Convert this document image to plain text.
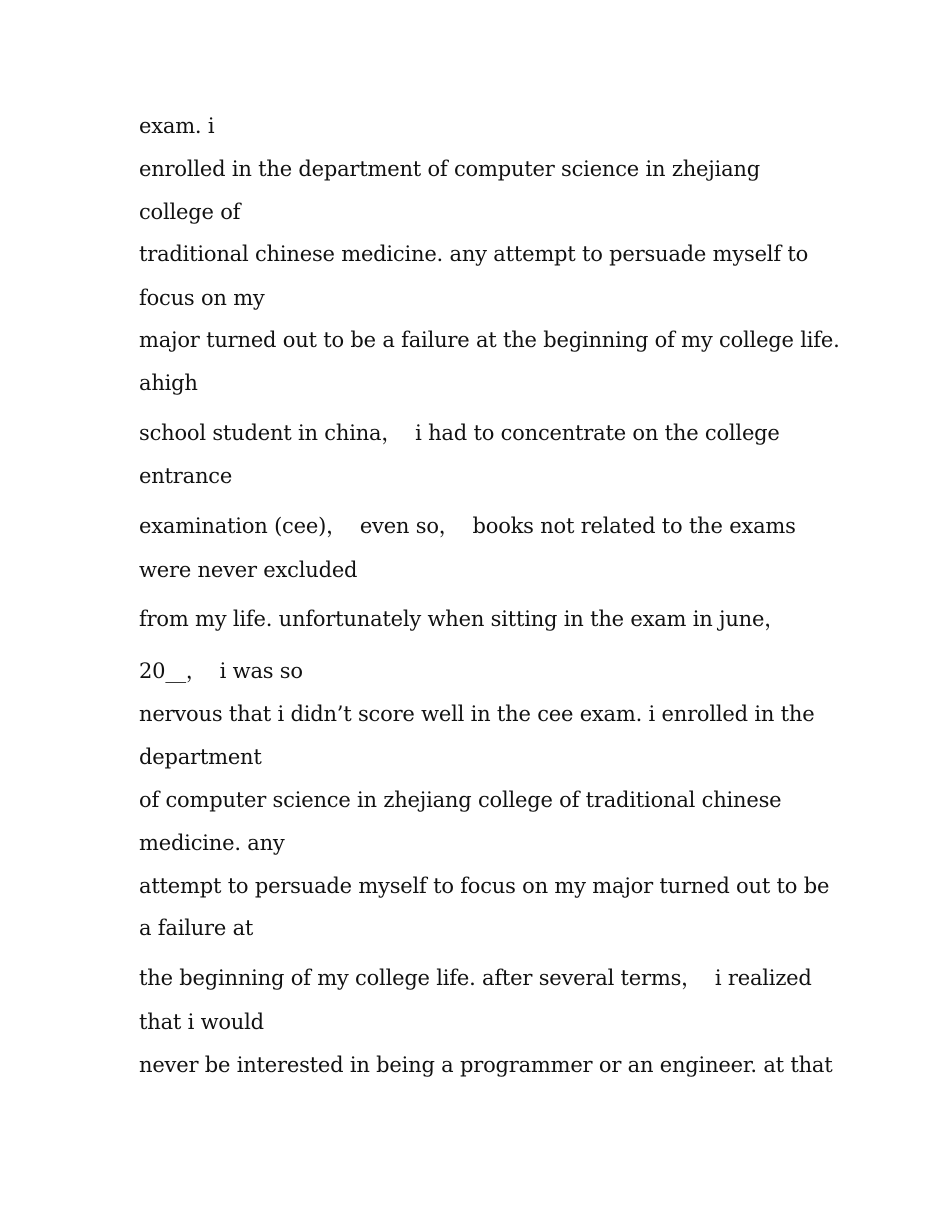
exam. i
enrolled in the department of computer science in zhejiang
college of
traditional chinese medicine. any attempt to persuade myself to
focus on my
major turned out to be a failure at the beginning of my college life.
ahigh
school student in china，  i had to concentrate on the college
entrance
examination (cee)，  even so，  books not related to the exams
were never excluded
from my life. unfortunately when sitting in the exam in june，
20__，  i was so
nervous that i didn’t score well in the cee exam. i enrolled in the
department
of computer science in zhejiang college of traditional chinese
medicine. any
attempt to persuade myself to focus on my major turned out to be
a failure at
the beginning of my college life. after several terms，  i realized
that i would
never be interested in being a programmer or an engineer. at that
